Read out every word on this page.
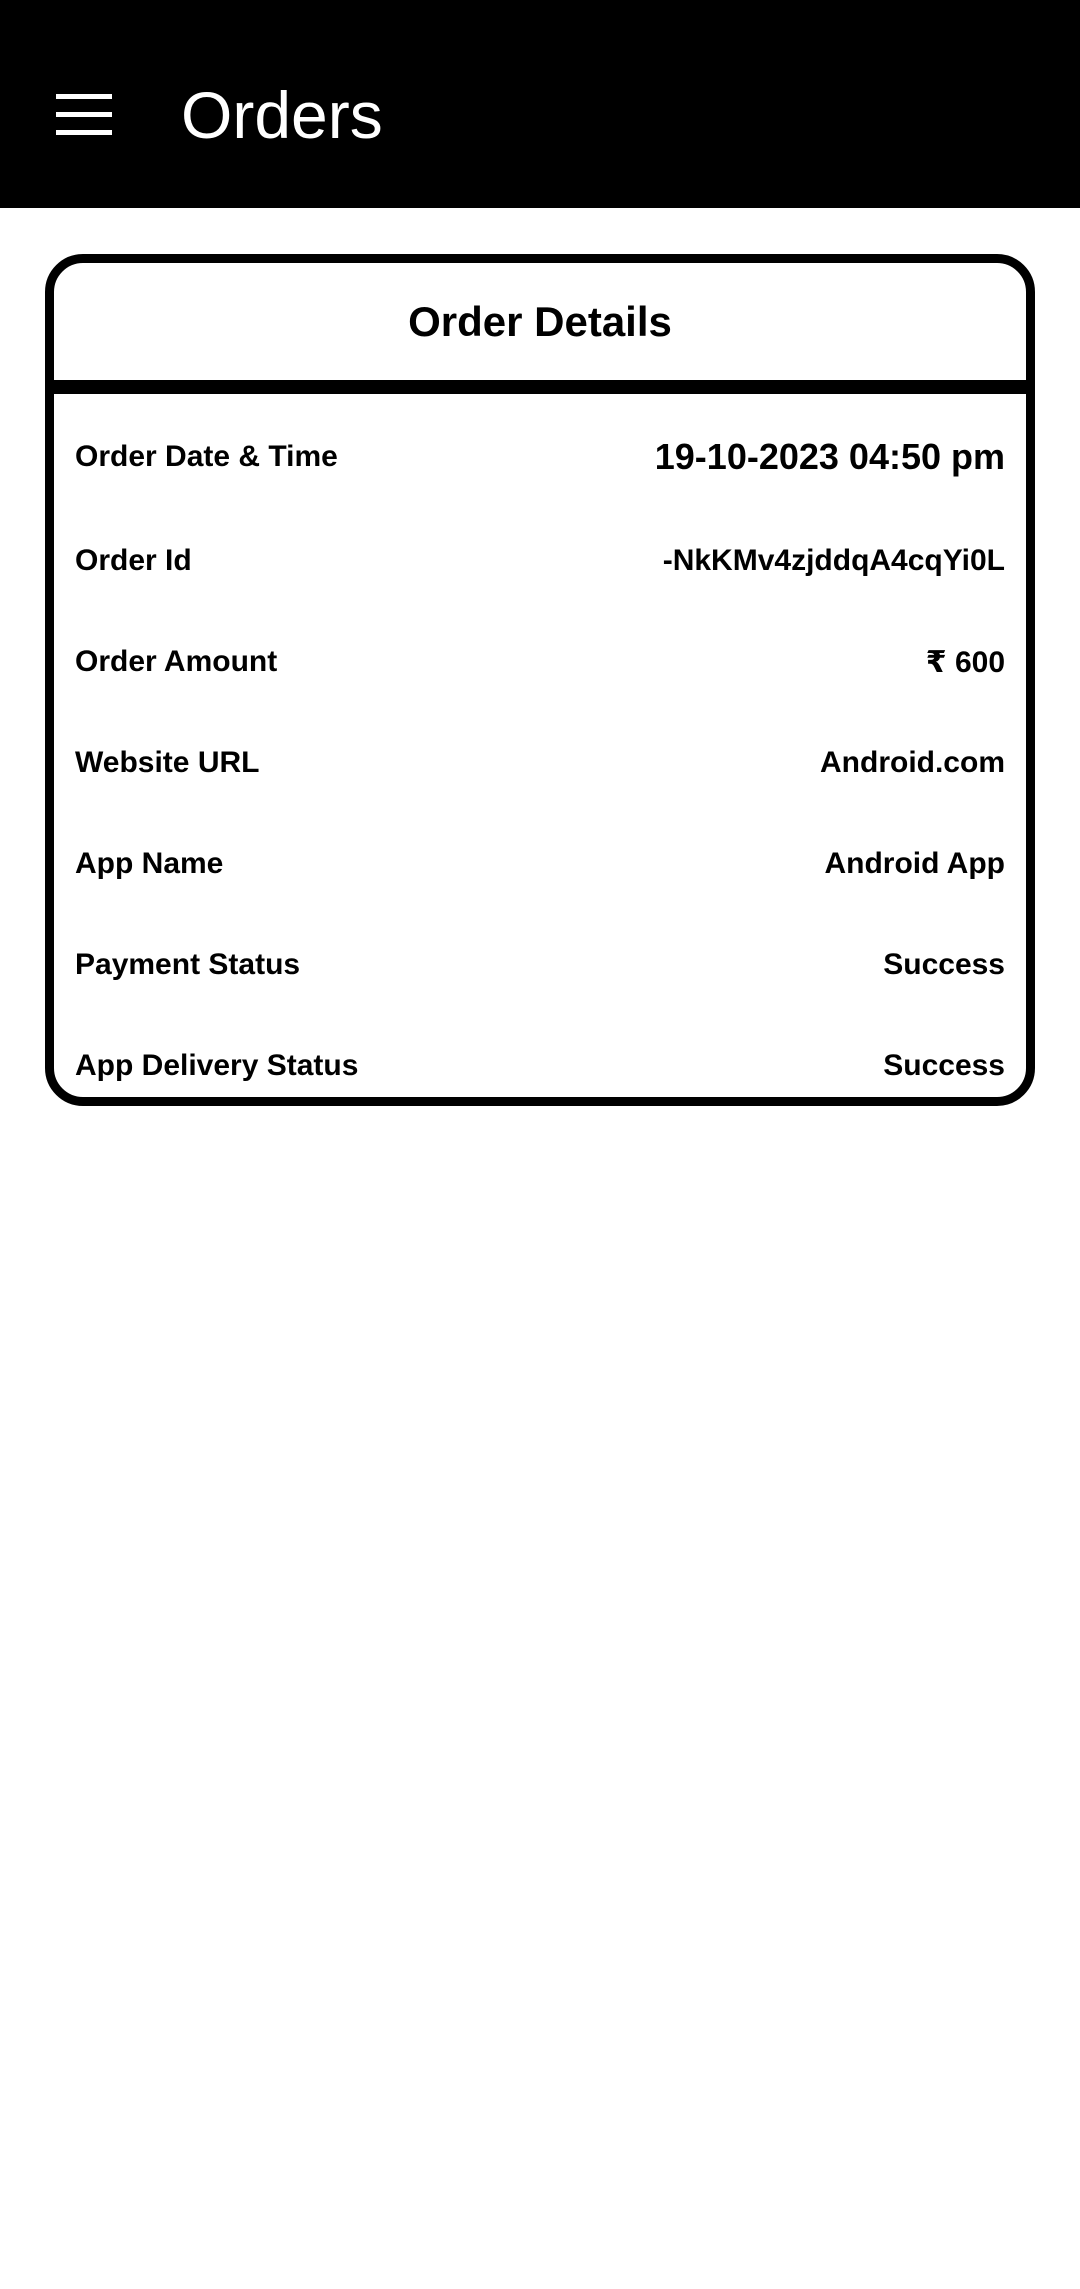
Orders
Order Details
Order Date & Time	19-10-2023 04:50 pm
Order Id	-NkKMv4zjddqA4cqYi0L
Order Amount	₹ 600
Website URL	Android.com
App Name	Android App
Payment Status	Success
App Delivery Status	Success
